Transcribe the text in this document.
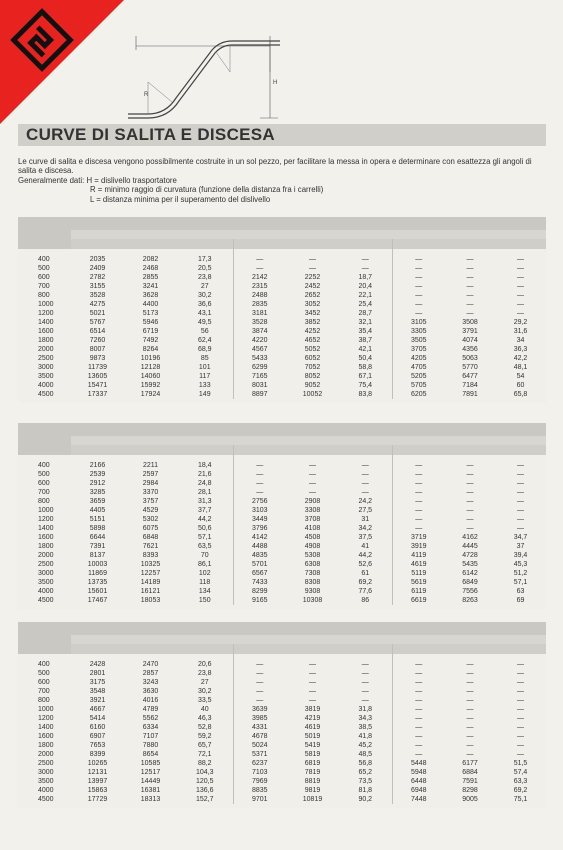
R
H
CURVE DI SALITA E DISCESA
Le curve di salita e discesa vengono possibilmente costruite in un sol pezzo, per facilitare la messa in opera e determinare con esattezza gli angoli di
salita e discesa.
Generalmente dati: H = dislivello trasportatore
R = minimo raggio di curvatura (funzione della distanza fra i carrelli)
L = distanza minima per il superamento del dislivello

400	2035	2082	17,3	—	—	—	—	—	—
500	2409	2468	20,5	—	—	—	—	—	—
600	2782	2855	23,8	2142	2252	18,7	—	—	—
700	3155	3241	27	2315	2452	20,4	—	—	—
800	3528	3628	30,2	2488	2652	22,1	—	—	—
1000	4275	4400	36,6	2835	3052	25,4	—	—	—
1200	5021	5173	43,1	3181	3452	28,7	—	—	—
1400	5767	5946	49,5	3528	3852	32,1	3105	3508	29,2
1600	6514	6719	56	3874	4252	35,4	3305	3791	31,6
1800	7260	7492	62,4	4220	4652	38,7	3505	4074	34
2000	8007	8264	68,9	4567	5052	42,1	3705	4356	36,3
2500	9873	10196	85	5433	6052	50,4	4205	5063	42,2
3000	11739	12128	101	6299	7052	58,8	4705	5770	48,1
3500	13605	14060	117	7165	8052	67,1	5205	6477	54
4000	15471	15992	133	8031	9052	75,4	5705	7184	60
4500	17337	17924	149	8897	10052	83,8	6205	7891	65,8

400	2166	2211	18,4	—	—	—	—	—	—
500	2539	2597	21,6	—	—	—	—	—	—
600	2912	2984	24,8	—	—	—	—	—	—
700	3285	3370	28,1	—	—	—	—	—	—
800	3659	3757	31,3	2756	2908	24,2	—	—	—
1000	4405	4529	37,7	3103	3308	27,5	—	—	—
1200	5151	5302	44,2	3449	3708	31	—	—	—
1400	5898	6075	50,6	3796	4108	34,2	—	—	—
1600	6644	6848	57,1	4142	4508	37,5	3719	4162	34,7
1800	7391	7621	63,5	4488	4908	41	3919	4445	37
2000	8137	8393	70	4835	5308	44,2	4119	4728	39,4
2500	10003	10325	86,1	5701	6308	52,6	4619	5435	45,3
3000	11869	12257	102	6567	7308	61	5119	6142	51,2
3500	13735	14189	118	7433	8308	69,2	5619	6849	57,1
4000	15601	16121	134	8299	9308	77,6	6119	7556	63
4500	17467	18053	150	9165	10308	86	6619	8263	69

400	2428	2470	20,6	—	—	—	—	—	—
500	2801	2857	23,8	—	—	—	—	—	—
600	3175	3243	27	—	—	—	—	—	—
700	3548	3630	30,2	—	—	—	—	—	—
800	3921	4016	33,5	—	—	—	—	—	—
1000	4667	4789	40	3639	3819	31,8	—	—	—
1200	5414	5562	46,3	3985	4219	34,3	—	—	—
1400	6160	6334	52,8	4331	4619	38,5	—	—	—
1600	6907	7107	59,2	4678	5019	41,8	—	—	—
1800	7653	7880	65,7	5024	5419	45,2	—	—	—
2000	8399	8654	72,1	5371	5819	48,5	—	—	—
2500	10265	10585	88,2	6237	6819	56,8	5448	6177	51,5
3000	12131	12517	104,3	7103	7819	65,2	5948	6884	57,4
3500	13997	14449	120,5	7969	8819	73,5	6448	7591	63,3
4000	15863	16381	136,6	8835	9819	81,8	6948	8298	69,2
4500	17729	18313	152,7	9701	10819	90,2	7448	9005	75,1
